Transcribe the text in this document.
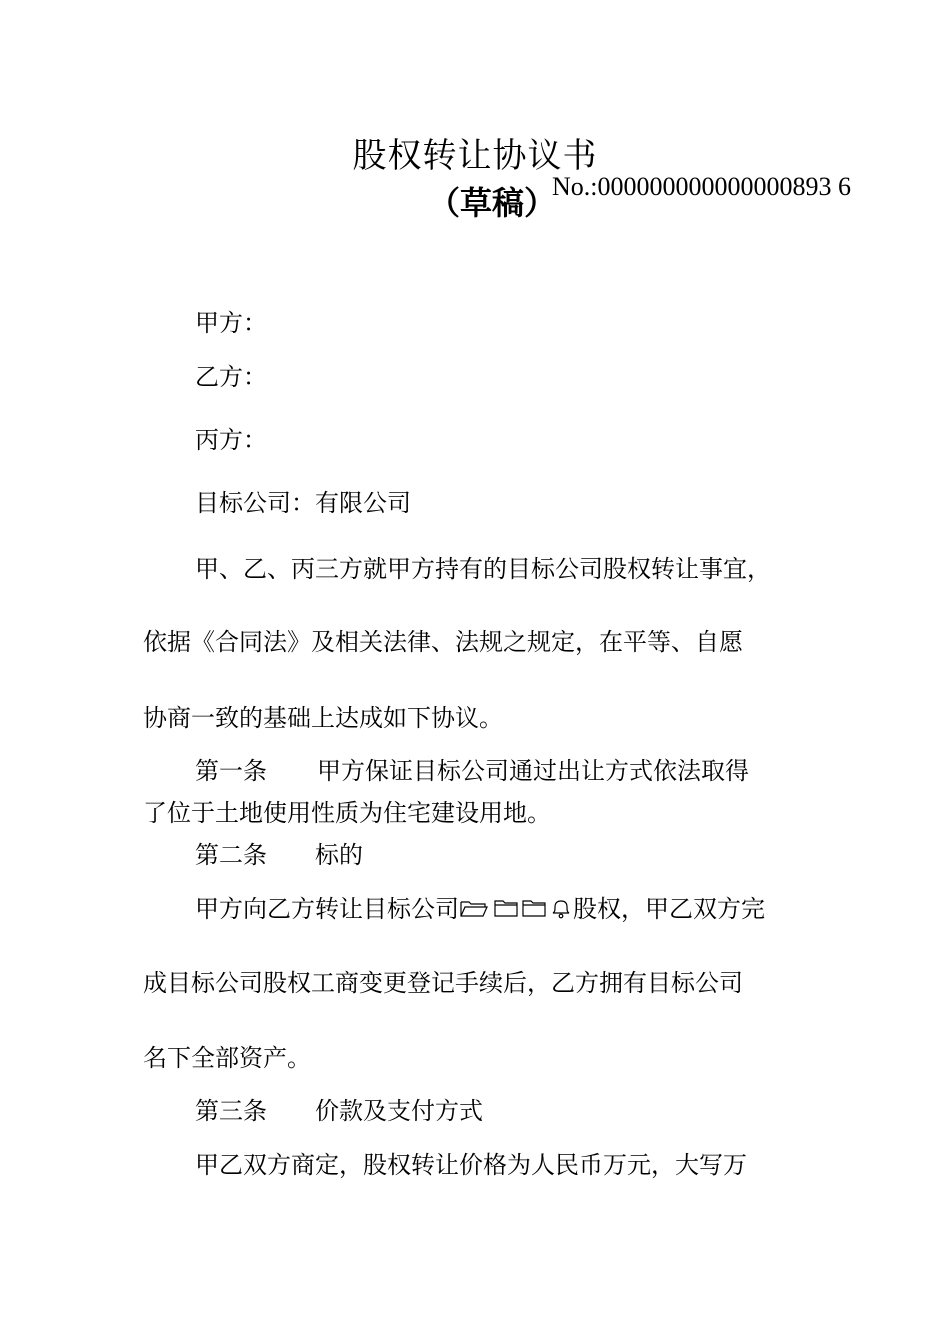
股权转让协议书
（草稿）
No.:000000000000000893 6
甲方：
乙方：
丙方：
目标公司：有限公司
甲、乙、丙三方就甲方持有的目标公司股权转让事宜，
依据《合同法》及相关法律、法规之规定，在平等、自愿
协商一致的基础上达成如下协议。
第一条 甲方保证目标公司通过出让方式依法取得
了位于土地使用性质为住宅建设用地。
第二条 标的
甲方向乙方转让目标公司	股权，甲乙双方完
成目标公司股权工商变更登记手续后，乙方拥有目标公司
名下全部资产。
第三条 价款及支付方式
甲乙双方商定，股权转让价格为人民币万元，大写万
